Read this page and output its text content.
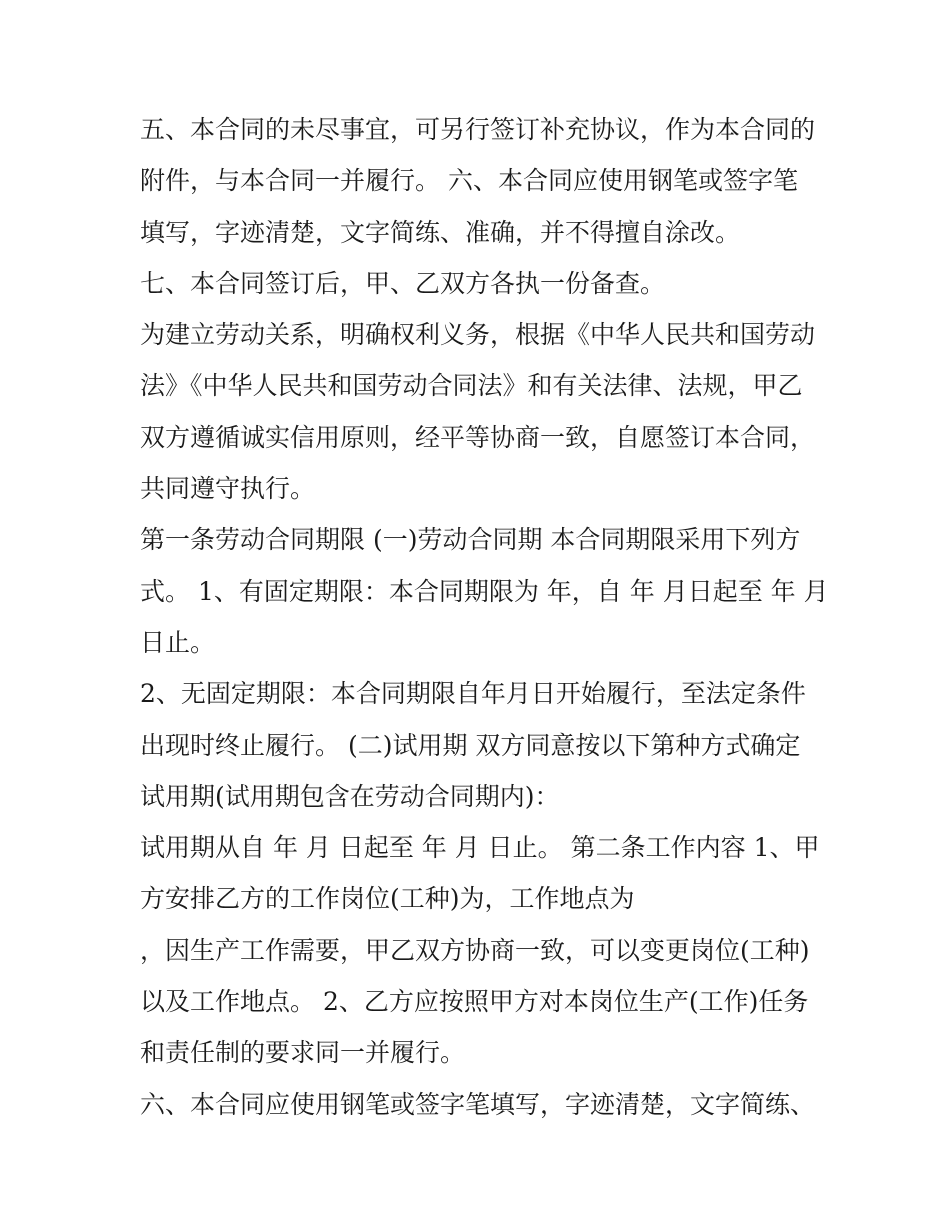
五、本合同的未尽事宜，可另行签订补充协议，作为本合同的
附件，与本合同一并履行。 六、本合同应使用钢笔或签字笔
填写，字迹清楚，文字简练、准确，并不得擅自涂改。
七、本合同签订后，甲、乙双方各执一份备查。
为建立劳动关系，明确权利义务，根据《中华人民共和国劳动
法》《中华人民共和国劳动合同法》和有关法律、法规，甲乙
双方遵循诚实信用原则，经平等协商一致，自愿签订本合同，
共同遵守执行。
第一条劳动合同期限 (一)劳动合同期 本合同期限采用下列方
式。 1、有固定期限：本合同期限为 年，自 年 月日起至 年 月
日止。
2、无固定期限：本合同期限自年月日开始履行，至法定条件
出现时终止履行。 (二)试用期 双方同意按以下第种方式确定
试用期(试用期包含在劳动合同期内)：
试用期从自 年 月 日起至 年 月 日止。 第二条工作内容 1、甲
方安排乙方的工作岗位(工种)为，工作地点为
，因生产工作需要，甲乙双方协商一致，可以变更岗位(工种)
以及工作地点。 2、乙方应按照甲方对本岗位生产(工作)任务
和责任制的要求同一并履行。
六、本合同应使用钢笔或签字笔填写，字迹清楚，文字简练、
